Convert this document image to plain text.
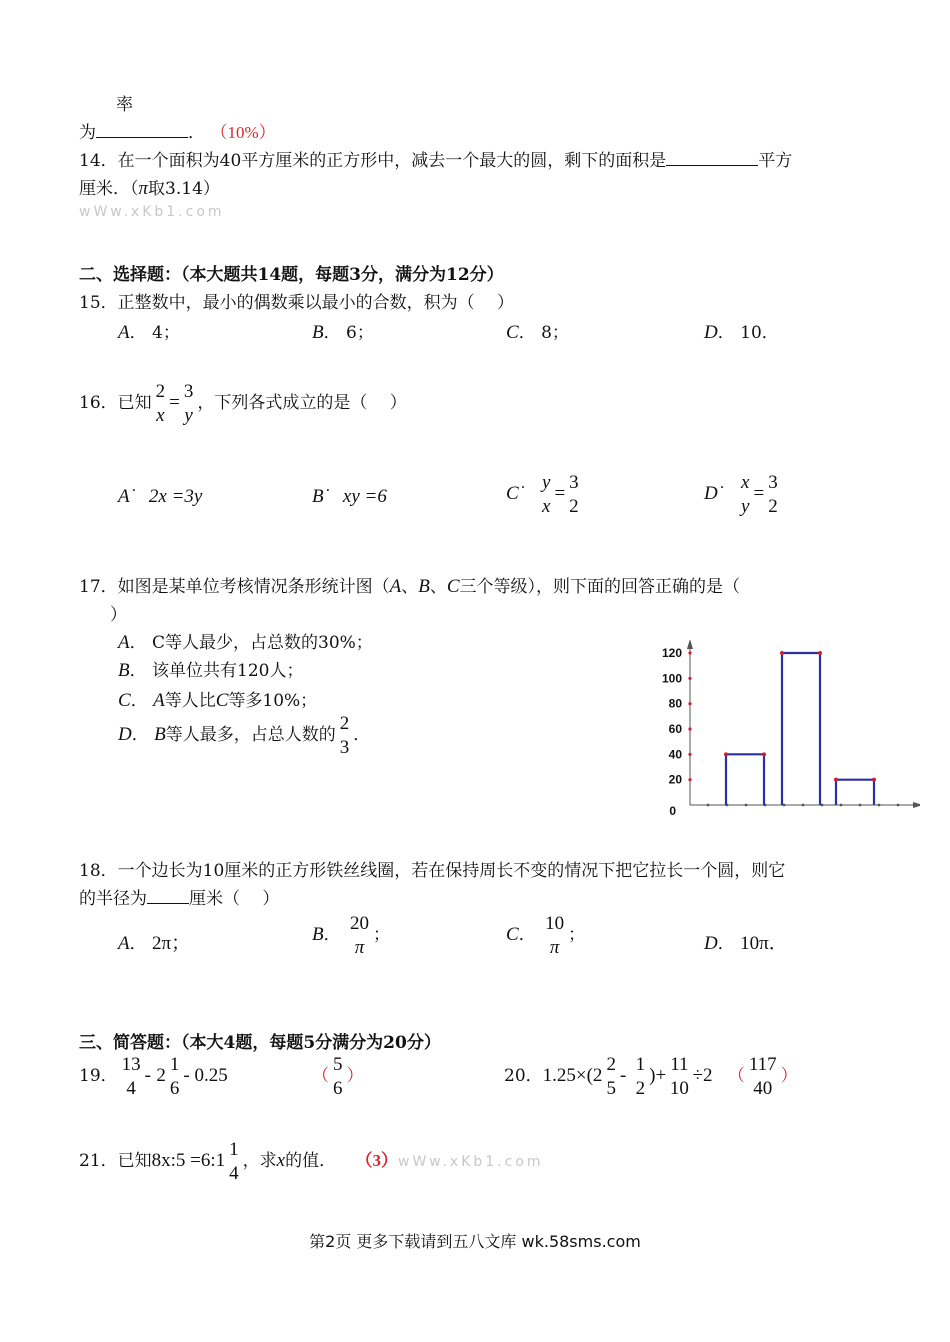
率
为	． （10%）
14．在一个面积为40平方厘米的正方形中，减去一个最大的圆，剩下的面积是	平方
厘米．（π取3.14）
wWw.xKb1.com
二、选择题：（本大题共14题，每题3分，满分为12分）
15．正整数中，最小的偶数乘以最小的合数，积为（　 ）
A． 4；	B． 6；	C． 8；	D． 10．
16．已知
2
x
=
3
y
，下列各式成立的是（　 ）
A˙  2x =3y	B˙  xy =6	C˙
y
x
=
3
2
D˙
x
y
=
3
2
17．如图是某单位考核情况条形统计图（A、B、C三个等级），则下面的回答正确的是（
）
A． C等人最少，占总数的30%；
B． 该单位共有120人；
C． A等人比C等多10%；
D． B等人最多，占总人数的
2
3
．
0
20
40
60
80
100
120
18．一个边长为10厘米的正方形铁丝线圈，若在保持周长不变的情况下把它拉长一个圆，则它
的半径为 厘米（　 ）
A． 2π；	B．
20
π
；	C．
10
π
；	D． 10π．
三、简答题：（本大4题，每题5分满分为20分）
19．
13
4
- 2
1
6
- 0.25	（
5
6
）	20．1.25×(2
2
5
-
1
2
)+
11
10
÷2 （
117
40
）
21．已知8x:5 =6:1
1
4
，求x的值． （3）wWw.xKb1.com
第2页 更多下载请到五八文库 wk.58sms.com
